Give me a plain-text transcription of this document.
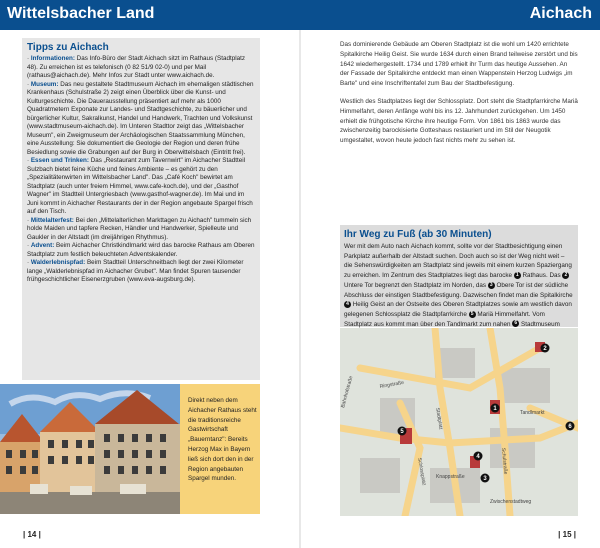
Wittelsbacher Land	Aichach
Tipps zu Aichach

· Informationen: Das Info-Büro der Stadt Aichach sitzt im Rathaus (Stadtplatz 48). Zu erreichen ist es telefonisch (0 82 51/9 02-0) und per Mail (rathaus@aichach.de). Mehr Infos zur Stadt unter www.aichach.de.

· Museum: Das neu gestaltete Stadtmuseum Aichach im ehemaligen städtischen Krankenhaus (Schulstraße 2) zeigt einen Überblick über die Kunst- und Kulturgeschichte. Die Dauerausstellung präsentiert auf mehr als 1000 Quadratmetern Exponate zur Landes- und Stadtgeschichte, zu bäuerlicher und bürgerlicher Kultur, Sakralkunst, Handel und Handwerk, Trachten und Volkskunst (www.stadtmuseum-aichach.de). Im Unteren Stadttor zeigt das „Wittelsbacher Museum", ein Zweigmuseum der Archäologischen Staatssammlung München, eine Ausstellung: Sie dokumentiert die Geologie der Region und deren frühe Besiedlung sowie die Grabungen auf der Burg in Oberwittelsbach (Eintritt frei).

· Essen und Trinken: Das „Restaurant zum Tavernwirt" im Aichacher Stadtteil Sulzbach bietet feine Küche und feines Ambiente – es gehört zu den „Spezialitätenwirten im Wittelsbacher Land". Das „Café Koch" bewirtet am Stadtplatz (auch unter freiem Himmel, www.cafe-koch.de), und der „Gasthof Wagner" im Stadtteil Untergriesbach (www.gasthof-wagner.de). Im Mai und im Juni kommt in Aichacher Restaurants der in der Region angebaute Spargel frisch auf den Tisch.

· Mittelalterfest: Bei den „Mittelalterlichen Markttagen zu Aichach" tummeln sich holde Maiden und tapfere Recken, Händler und Handwerker, Spielleute und Gaukler in der Altstadt (im dreijährigen Rhythmus).

· Advent: Beim Aichacher Christkindlmarkt wird das barocke Rathaus am Oberen Stadtplatz zum festlich beleuchteten Adventskalender.

· Walderlebnispfad: Beim Stadtteil Unterschneitbach liegt der zwei Kilometer lange „Walderlebnispfad im Aichacher Grubet". Man findet Spuren tausender frühgeschichtlicher Eisenerzgruben (www.eva-augsburg.de).

Direkt neben dem Aichacher Rathaus steht die traditionsreiche Gastwirtschaft „Bauerntanz": Bereits Herzog Max in Bayern ließ sich dort den in der Region angebauten Spargel munden.
| 14 |	| 15 |

Das dominierende Gebäude am Oberen Stadtplatz ist die wohl um 1420 errichtete Spitalkirche Heilig Geist. Sie wurde 1634 durch einen Brand teilweise zerstört und bis 1642 wiederhergestellt. 1734 und 1789 erhielt ihr Turm das heutige Aussehen. An der Fassade der Spitalkirche entdeckt man einen Wappenstein Herzog Ludwigs „im Barte" und eine Inschriftentafel zum Bau der Stadtbefestigung.

Westlich des Stadtplatzes liegt der Schlossplatz. Dort steht die Stadtpfarrkirche Mariä Himmelfahrt, deren Anfänge wohl bis ins 12. Jahrhundert zurückgehen. Um 1450 erhielt die frühgotische Kirche ihre heutige Form. Von 1861 bis 1863 wurde das zwischenzeitig barockisierte Gotteshaus restauriert und im Stil der Neugotik umgestaltet, wovon heute jedoch fast nichts mehr zu sehen ist.

Ihr Weg zu Fuß (ab 30 Minuten)

Wer mit dem Auto nach Aichach kommt, sollte vor der Stadtbesichtigung einen Parkplatz außerhalb der Altstadt suchen. Doch auch so ist der Weg nicht weit – die Sehenswürdigkeiten am Stadtplatz sind jeweils mit einem kurzen Spaziergang zu erreichen. Im Zentrum des Stadtplatzes liegt das barocke 1 Rathaus. Das 2 Untere Tor begrenzt den Stadtplatz im Norden, das 3 Obere Tor ist der südliche Abschluss der einstigen Stadtbefestigung. Dazwischen findet man die Spitalkirche 4 Heilig Geist an der Ostseite des Oberen Stadtplatzes sowie am westlich davon gelegenen Schlossplatz die Stadtpfarrkirche 5 Mariä Himmelfahrt. Vom Stadtplatz aus kommt man über den Tandlmarkt zum nahen 6 Stadtmuseum

1
2
3
4
5
6
Bahnhofstraße
Stadtplatz
Schlossplatz
Tandlmarkt
Schulstraße
Knappstraße
Ringstraße
Zwischenstadtweg
